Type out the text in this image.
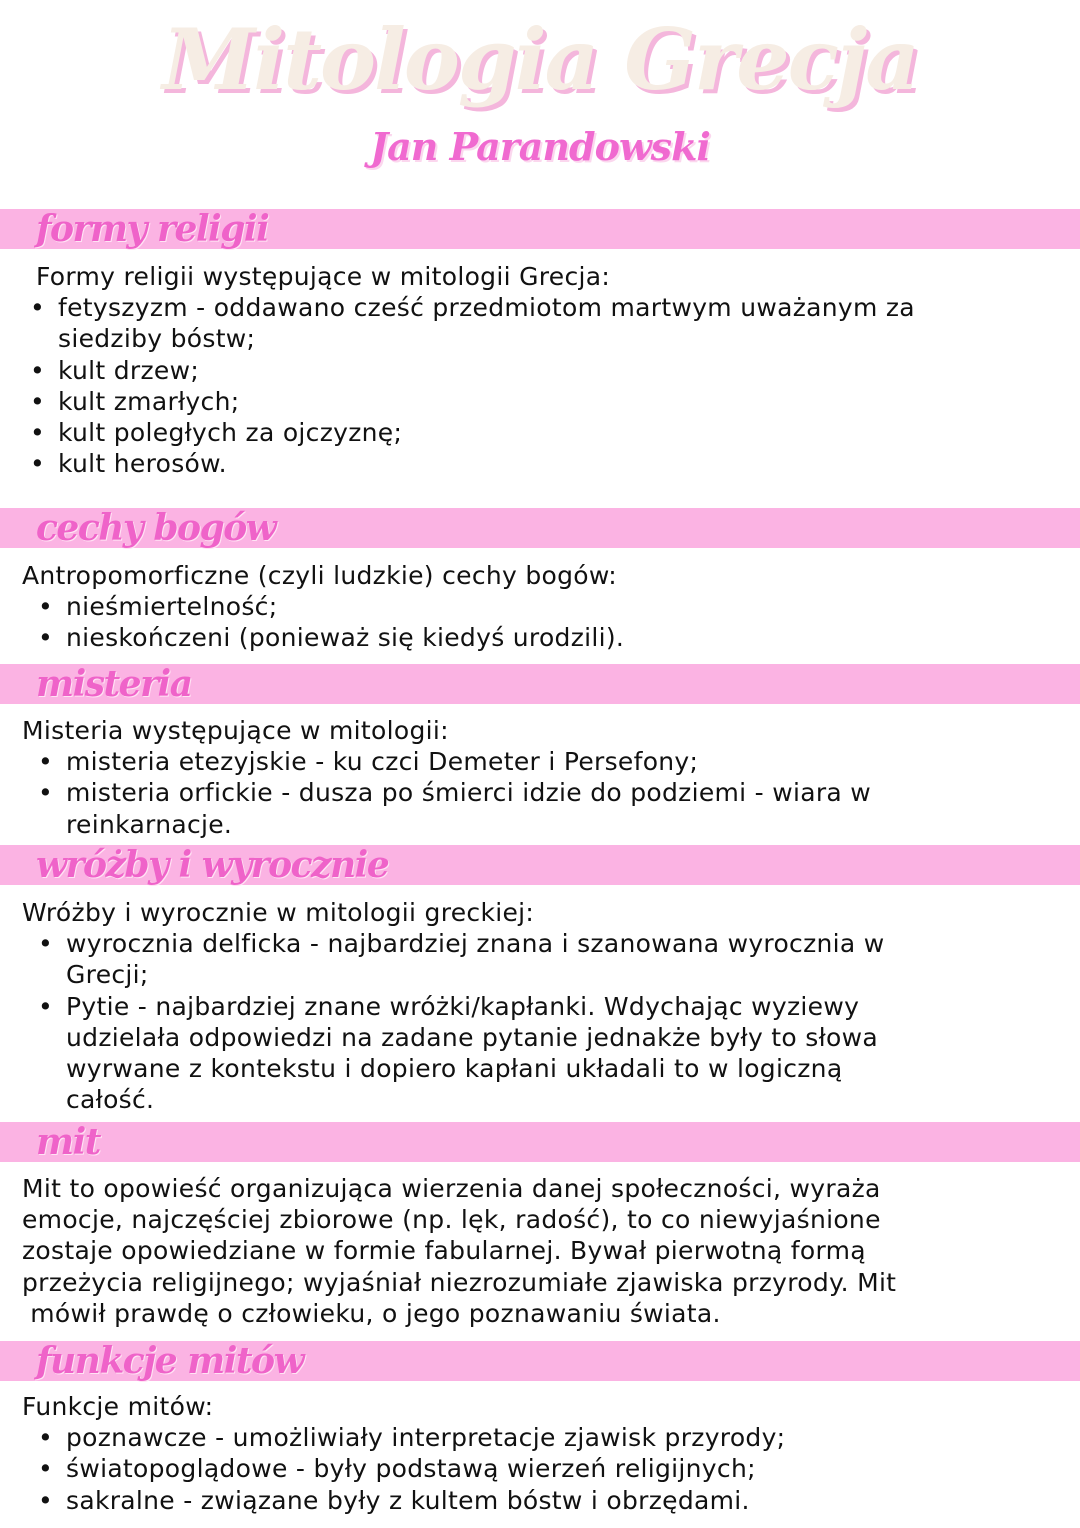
Mitologia Grecja
Jan Parandowski
formy religii

Formy religii występujące w mitologii Grecja:

• fetyszyzm - oddawano cześć przedmiotom martwym uważanym za
siedziby bóstw;
• kult drzew;
• kult zmarłych;
• kult poległych za ojczyznę;
• kult herosów.
cechy bogów

Antropomorficzne (czyli ludzkie) cechy bogów:

• nieśmiertelność;
• nieskończeni (ponieważ się kiedyś urodzili).
misteria

Misteria występujące w mitologii:

• misteria etezyjskie - ku czci Demeter i Persefony;
• misteria orfickie - dusza po śmierci idzie do podziemi - wiara w
reinkarnacje.
wróżby i wyrocznie

Wróżby i wyrocznie w mitologii greckiej:

• wyrocznia delficka - najbardziej znana i szanowana wyrocznia w
Grecji;
• Pytie - najbardziej znane wróżki/kapłanki. Wdychając wyziewy
udzielała odpowiedzi na zadane pytanie jednakże były to słowa
wyrwane z kontekstu i dopiero kapłani układali to w logiczną
całość.
mit

Mit to opowieść organizująca wierzenia danej społeczności, wyraża

emocje, najczęściej zbiorowe (np. lęk, radość), to co niewyjaśnione

zostaje opowiedziane w formie fabularnej. Bywał pierwotną formą

przeżycia religijnego; wyjaśniał niezrozumiałe zjawiska przyrody. Mit

mówił prawdę o człowieku, o jego poznawaniu świata.

funkcje mitów

Funkcje mitów:

• poznawcze - umożliwiały interpretacje zjawisk przyrody;
• światopoglądowe - były podstawą wierzeń religijnych;
• sakralne - związane były z kultem bóstw i obrzędami.
